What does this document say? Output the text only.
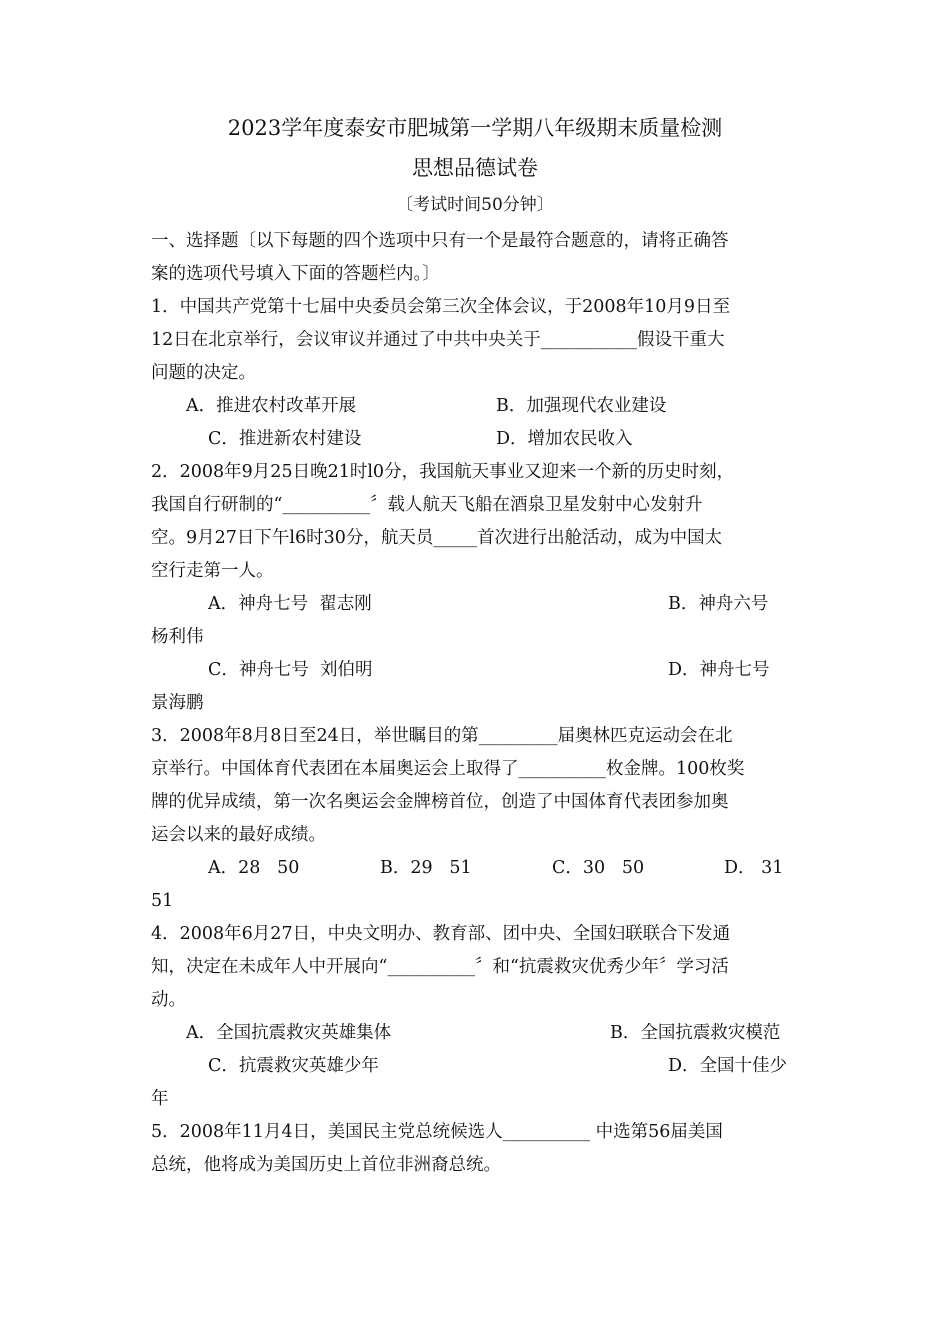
2023学年度泰安市肥城第一学期八年级期末质量检测
思想品德试卷
〔考试时间50分钟〕
一、选择题〔以下每题的四个选项中只有一个是最符合题意的，请将正确答
案的选项代号填入下面的答题栏内。〕
1．中国共产党第十七届中央委员会第三次全体会议，于2008年10月9日至
12日在北京举行，会议审议并通过了中共中央关于___________假设干重大
问题的决定。
A．推进农村改革开展	B．加强现代农业建设
C．推进新农村建设	D．增加农民收入
2．2008年9月25日晚21时l0分，我国航天事业又迎来一个新的历史时刻，
我国自行研制的“__________〞载人航天飞船在酒泉卫星发射中心发射升
空。9月27日下午l6时30分，航天员_____首次进行出舱活动，成为中国太
空行走第一人。
A．神舟七号  翟志刚	B．神舟六号
杨利伟
C．神舟七号  刘伯明	D．神舟七号
景海鹏
3．2008年8月8日至24日，举世瞩目的第_________届奥林匹克运动会在北
京举行。中国体育代表团在本届奥运会上取得了__________枚金牌。100枚奖
牌的优异成绩，第一次名奥运会金牌榜首位，创造了中国体育代表团参加奥
运会以来的最好成绩。
A．28   50	B．29   51	C．30   50	D． 31
51
4．2008年6月27日，中央文明办、教育部、团中央、全国妇联联合下发通
知，决定在未成年人中开展向“__________〞和“抗震救灾优秀少年〞学习活
动。
A．全国抗震救灾英雄集体	B．全国抗震救灾模范
C．抗震救灾英雄少年	D．全国十佳少
年
5．2008年11月4日，美国民主党总统候选人__________ 中选第56届美国
总统，他将成为美国历史上首位非洲裔总统。
